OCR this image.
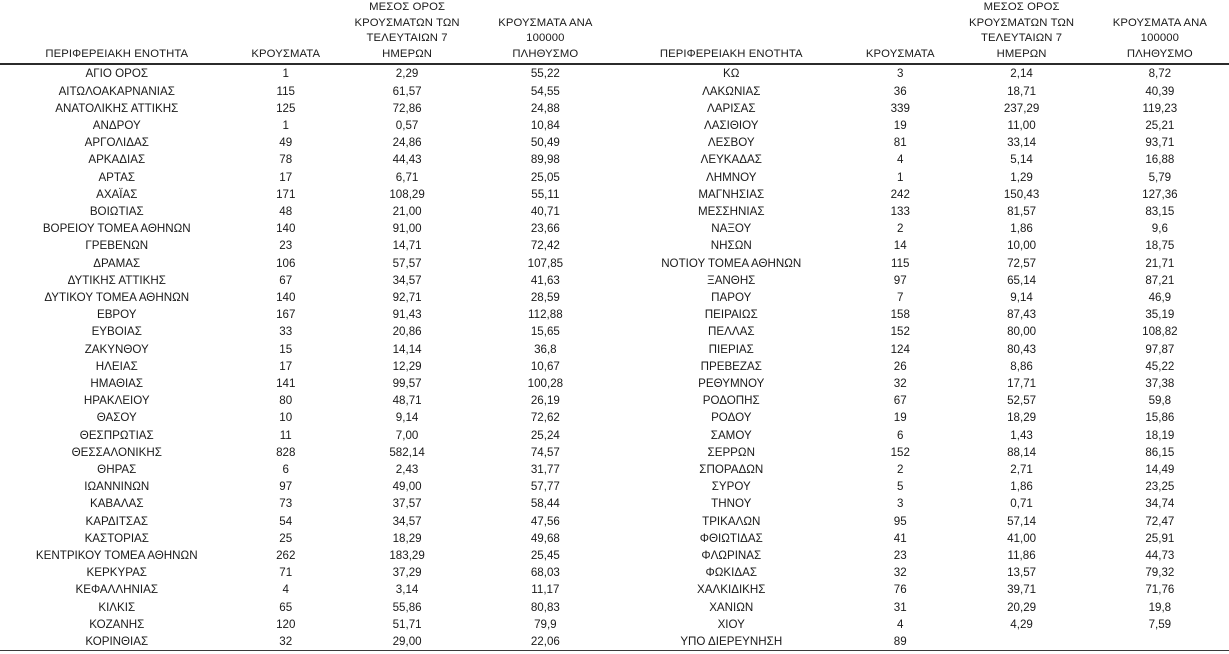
ΠΕΡΙΦΕΡΕΙΑΚΗ ΕΝΟΤΗΤΑ	ΚΡΟΥΣΜΑΤΑ	ΜΕΣΟΣ ΟΡΟΣ
ΚΡΟΥΣΜΑΤΩΝ ΤΩΝ
ΤΕΛΕΥΤΑΙΩΝ 7 ΗΜΕΡΩΝ	ΚΡΟΥΣΜΑΤΑ ΑΝΑ 100000
ΠΛΗΘΥΣΜΟ

ΑΓΙΟ ΟΡΟΣ	1	2,29	55,22
ΑΙΤΩΛΟΑΚΑΡΝΑΝΙΑΣ	115	61,57	54,55
ΑΝΑΤΟΛΙΚΗΣ ΑΤΤΙΚΗΣ	125	72,86	24,88
ΑΝΔΡΟΥ	1	0,57	10,84
ΑΡΓΟΛΙΔΑΣ	49	24,86	50,49
ΑΡΚΑΔΙΑΣ	78	44,43	89,98
ΑΡΤΑΣ	17	6,71	25,05
ΑΧΑΪΑΣ	171	108,29	55,11
ΒΟΙΩΤΙΑΣ	48	21,00	40,71
ΒΟΡΕΙΟΥ ΤΟΜΕΑ ΑΘΗΝΩΝ	140	91,00	23,66
ΓΡΕΒΕΝΩΝ	23	14,71	72,42
ΔΡΑΜΑΣ	106	57,57	107,85
ΔΥΤΙΚΗΣ ΑΤΤΙΚΗΣ	67	34,57	41,63
ΔΥΤΙΚΟΥ ΤΟΜΕΑ ΑΘΗΝΩΝ	140	92,71	28,59
ΕΒΡΟΥ	167	91,43	112,88
ΕΥΒΟΙΑΣ	33	20,86	15,65
ΖΑΚΥΝΘΟΥ	15	14,14	36,8
ΗΛΕΙΑΣ	17	12,29	10,67
ΗΜΑΘΙΑΣ	141	99,57	100,28
ΗΡΑΚΛΕΙΟΥ	80	48,71	26,19
ΘΑΣΟΥ	10	9,14	72,62
ΘΕΣΠΡΩΤΙΑΣ	11	7,00	25,24
ΘΕΣΣΑΛΟΝΙΚΗΣ	828	582,14	74,57
ΘΗΡΑΣ	6	2,43	31,77
ΙΩΑΝΝΙΝΩΝ	97	49,00	57,77
ΚΑΒΑΛΑΣ	73	37,57	58,44
ΚΑΡΔΙΤΣΑΣ	54	34,57	47,56
ΚΑΣΤΟΡΙΑΣ	25	18,29	49,68
ΚΕΝΤΡΙΚΟΥ ΤΟΜΕΑ ΑΘΗΝΩΝ	262	183,29	25,45
ΚΕΡΚΥΡΑΣ	71	37,29	68,03
ΚΕΦΑΛΛΗΝΙΑΣ	4	3,14	11,17
ΚΙΛΚΙΣ	65	55,86	80,83
ΚΟΖΑΝΗΣ	120	51,71	79,9
ΚΟΡΙΝΘΙΑΣ	32	29,00	22,06
ΠΕΡΙΦΕΡΕΙΑΚΗ ΕΝΟΤΗΤΑ	ΚΡΟΥΣΜΑΤΑ	ΜΕΣΟΣ ΟΡΟΣ
ΚΡΟΥΣΜΑΤΩΝ ΤΩΝ
ΤΕΛΕΥΤΑΙΩΝ 7 ΗΜΕΡΩΝ	ΚΡΟΥΣΜΑΤΑ ΑΝΑ 100000
ΠΛΗΘΥΣΜΟ

ΚΩ	3	2,14	8,72
ΛΑΚΩΝΙΑΣ	36	18,71	40,39
ΛΑΡΙΣΑΣ	339	237,29	119,23
ΛΑΣΙΘΙΟΥ	19	11,00	25,21
ΛΕΣΒΟΥ	81	33,14	93,71
ΛΕΥΚΑΔΑΣ	4	5,14	16,88
ΛΗΜΝΟΥ	1	1,29	5,79
ΜΑΓΝΗΣΙΑΣ	242	150,43	127,36
ΜΕΣΣΗΝΙΑΣ	133	81,57	83,15
ΝΑΞΟΥ	2	1,86	9,6
ΝΗΣΩΝ	14	10,00	18,75
ΝΟΤΙΟΥ ΤΟΜΕΑ ΑΘΗΝΩΝ	115	72,57	21,71
ΞΑΝΘΗΣ	97	65,14	87,21
ΠΑΡΟΥ	7	9,14	46,9
ΠΕΙΡΑΙΩΣ	158	87,43	35,19
ΠΕΛΛΑΣ	152	80,00	108,82
ΠΙΕΡΙΑΣ	124	80,43	97,87
ΠΡΕΒΕΖΑΣ	26	8,86	45,22
ΡΕΘΥΜΝΟΥ	32	17,71	37,38
ΡΟΔΟΠΗΣ	67	52,57	59,8
ΡΟΔΟΥ	19	18,29	15,86
ΣΑΜΟΥ	6	1,43	18,19
ΣΕΡΡΩΝ	152	88,14	86,15
ΣΠΟΡΑΔΩΝ	2	2,71	14,49
ΣΥΡΟΥ	5	1,86	23,25
ΤΗΝΟΥ	3	0,71	34,74
ΤΡΙΚΑΛΩΝ	95	57,14	72,47
ΦΘΙΩΤΙΔΑΣ	41	41,00	25,91
ΦΛΩΡΙΝΑΣ	23	11,86	44,73
ΦΩΚΙΔΑΣ	32	13,57	79,32
ΧΑΛΚΙΔΙΚΗΣ	76	39,71	71,76
ΧΑΝΙΩΝ	31	20,29	19,8
ΧΙΟΥ	4	4,29	7,59
ΥΠΟ ΔΙΕΡΕΥΝΗΣΗ	89		
